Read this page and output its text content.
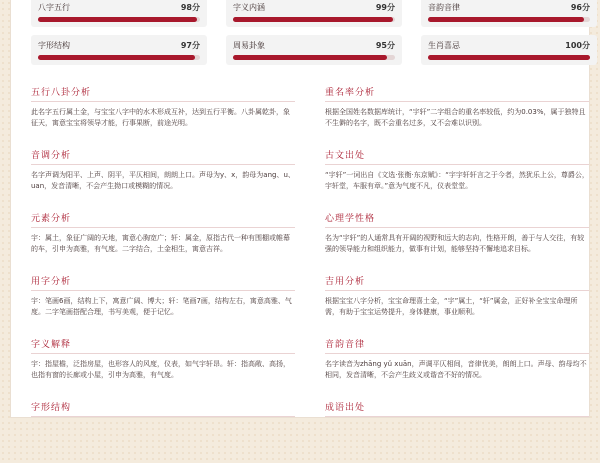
八字五行	98分	字义内涵	99分	音韵音律	96分
字形结构	97分	周易卦象	95分	生肖喜忌	100分
五行八卦分析
此名字五行属土金，与宝宝八字中的水木形成互补，达到五行平衡。八卦属乾卦，象征天，寓意宝宝将领导才能，行事果断，前途光明。
重名率分析
根据全国姓名数据库统计，“宇轩”二字组合的重名率较低，约为0.03%，属于独特且不生僻的名字，既不会重名过多，又不会难以识别。
音调分析
名字声调为阳平、上声、阴平，平仄相间，朗朗上口。声母为y、x，韵母为ang、u、uan，发音清晰，不会产生拗口或模糊的情况。
古文出处
“宇轩”一词出自《文选·张衡·东京赋》：“宇宇轩轩言之于今者，然犹乐上公，尊爵公，宇轩堂，车服有章。”意为气度不凡，仪表堂堂。
元素分析
宇：属土，象征广阔的天地，寓意心胸宽广；轩：属金，原指古代一种有围棚或帷幕的车，引申为高雅，有气度。二字结合，土金相生，寓意吉祥。
心理学性格
名为“宇轩”的人通常具有开阔的视野和远大的志向，性格开朗，善于与人交往，有较强的领导能力和组织能力，做事有计划，能够坚持不懈地追求目标。
用字分析
宇：笔画6画，结构上下，寓意广阔、博大；轩：笔画7画，结构左右，寓意高雅、气度。二字笔画搭配合理，书写美观，便于记忆。
吉用分析
根据宝宝八字分析，宝宝命理喜土金，“宇”属土，“轩”属金，正好补全宝宝命理所需，有助于宝宝运势提升，身体健康，事业顺利。
字义解释
宇：指屋檐，泛指房屋，也形容人的风度，仪表，如气宇轩昂。轩：指高敞、高扬，也指有窗的长廊或小屋，引申为高雅，有气度。
音韵音律
名字读音为zhāng yǔ xuān，声调平仄相间，音律优美，朗朗上口。声母、韵母均不相同，发音清晰，不会产生歧义或谐音不好的情况。
字形结构	成语出处
